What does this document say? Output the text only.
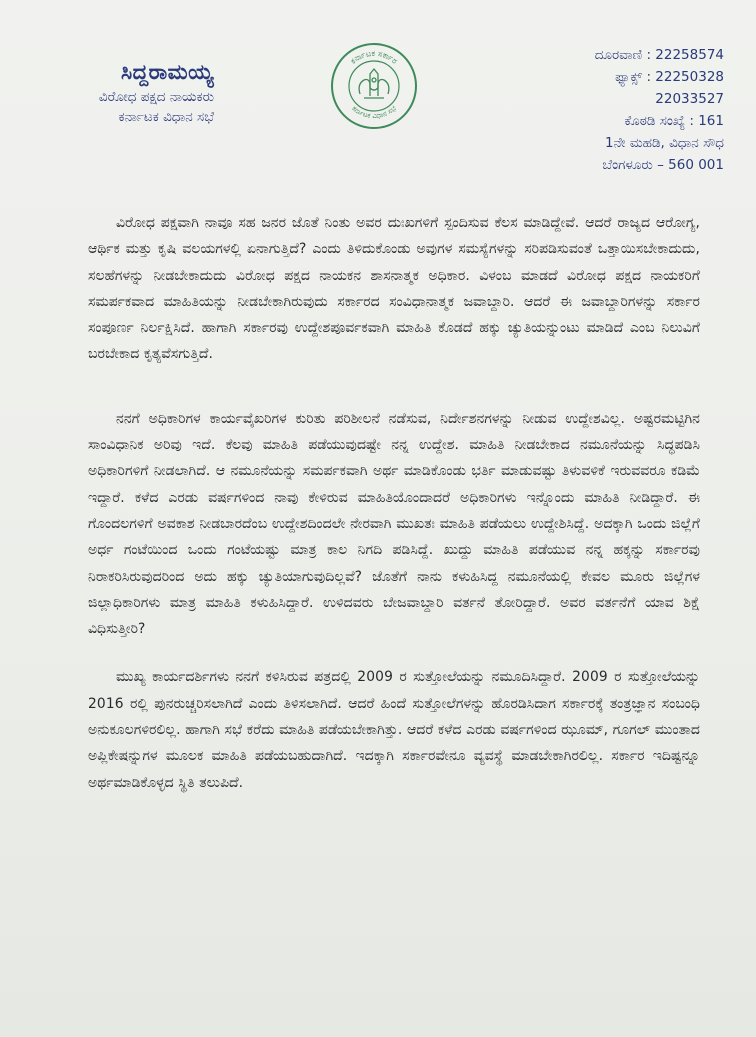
ಸಿದ್ದರಾಮಯ್ಯ
ವಿರೋಧ ಪಕ್ಷದ ನಾಯಕರು
ಕರ್ನಾಟಕ ವಿಧಾನ ಸಭೆ
ಕರ್ನಾಟಕ ಸರ್ಕಾರ
ಕರ್ನಾಟಕ ವಿಧಾನ ಸಭೆ
ದೂರವಾಣಿ : 22258574
ಫ್ಯಾಕ್ಸ್ : 22250328
22033527
ಕೊಠಡಿ ಸಂಖ್ಯೆ : 161
1ನೇ ಮಹಡಿ, ವಿಧಾನ ಸೌಧ
ಬೆಂಗಳೂರು – 560 001

ವಿರೋಧ ಪಕ್ಷವಾಗಿ ನಾವೂ ಸಹ ಜನರ ಜೊತೆ ನಿಂತು ಅವರ ದುಃಖಗಳಿಗೆ ಸ್ಪಂದಿಸುವ ಕೆಲಸ ಮಾಡಿದ್ದೇವೆ. ಆದರೆ ರಾಜ್ಯದ ಆರೋಗ್ಯ, ಆರ್ಥಿಕ ಮತ್ತು ಕೃಷಿ ವಲಯಗಳಲ್ಲಿ ಏನಾಗುತ್ತಿದೆ? ಎಂದು ತಿಳಿದುಕೊಂಡು ಅವುಗಳ ಸಮಸ್ಯೆಗಳನ್ನು ಸರಿಪಡಿಸುವಂತೆ ಒತ್ತಾಯಿಸಬೇಕಾದುದು, ಸಲಹೆಗಳನ್ನು ನೀಡಬೇಕಾದುದು ವಿರೋಧ ಪಕ್ಷದ ನಾಯಕನ ಶಾಸನಾತ್ಮಕ ಅಧಿಕಾರ. ವಿಳಂಬ ಮಾಡದೆ ವಿರೋಧ ಪಕ್ಷದ ನಾಯಕರಿಗೆ ಸಮರ್ಪಕವಾದ ಮಾಹಿತಿಯನ್ನು ನೀಡಬೇಕಾಗಿರುವುದು ಸರ್ಕಾರದ ಸಂವಿಧಾನಾತ್ಮಕ ಜವಾಬ್ದಾರಿ. ಆದರೆ ಈ ಜವಾಬ್ದಾರಿಗಳನ್ನು ಸರ್ಕಾರ ಸಂಪೂರ್ಣ ನಿರ್ಲಕ್ಷಿಸಿದೆ. ಹಾಗಾಗಿ ಸರ್ಕಾರವು ಉದ್ದೇಶಪೂರ್ವಕವಾಗಿ ಮಾಹಿತಿ ಕೊಡದೆ ಹಕ್ಕು ಚ್ಯುತಿಯನ್ನುಂಟು ಮಾಡಿದೆ ಎಂಬ ನಿಲುವಿಗೆ ಬರಬೇಕಾದ ಕೃತ್ಯವೆಸಗುತ್ತಿದೆ.

ನನಗೆ ಅಧಿಕಾರಿಗಳ ಕಾರ್ಯವೈಖರಿಗಳ ಕುರಿತು ಪರಿಶೀಲನೆ ನಡೆಸುವ, ನಿರ್ದೇಶನಗಳನ್ನು ನೀಡುವ ಉದ್ದೇಶವಿಲ್ಲ. ಅಷ್ಟರಮಟ್ಟಿಗಿನ ಸಾಂವಿಧಾನಿಕ ಅರಿವು ಇದೆ. ಕೆಲವು ಮಾಹಿತಿ ಪಡೆಯುವುದಷ್ಟೇ ನನ್ನ ಉದ್ದೇಶ. ಮಾಹಿತಿ ನೀಡಬೇಕಾದ ನಮೂನೆಯನ್ನು ಸಿದ್ಧಪಡಿಸಿ ಅಧಿಕಾರಿಗಳಿಗೆ ನೀಡಲಾಗಿದೆ. ಆ ನಮೂನೆಯನ್ನು ಸಮರ್ಪಕವಾಗಿ ಅರ್ಥ ಮಾಡಿಕೊಂಡು ಭರ್ತಿ ಮಾಡುವಷ್ಟು ತಿಳುವಳಿಕೆ ಇರುವವರೂ ಕಡಿಮೆ ಇದ್ದಾರೆ. ಕಳೆದ ಎರಡು ವರ್ಷಗಳಿಂದ ನಾವು ಕೇಳಿರುವ ಮಾಹಿತಿಯೊಂದಾದರೆ ಅಧಿಕಾರಿಗಳು ಇನ್ನೊಂದು ಮಾಹಿತಿ ನೀಡಿದ್ದಾರೆ. ಈ ಗೊಂದಲಗಳಿಗೆ ಅವಕಾಶ ನೀಡಬಾರದೆಂಬ ಉದ್ದೇಶದಿಂದಲೇ ನೇರವಾಗಿ ಮುಖತಃ ಮಾಹಿತಿ ಪಡೆಯಲು ಉದ್ದೇಶಿಸಿದ್ದೆ. ಅದಕ್ಕಾಗಿ ಒಂದು ಜಿಲ್ಲೆಗೆ ಅರ್ಧ ಗಂಟೆಯಿಂದ ಒಂದು ಗಂಟೆಯಷ್ಟು ಮಾತ್ರ ಕಾಲ ನಿಗದಿ ಪಡಿಸಿದ್ದೆ. ಖುದ್ದು ಮಾಹಿತಿ ಪಡೆಯುವ ನನ್ನ ಹಕ್ಕನ್ನು ಸರ್ಕಾರವು ನಿರಾಕರಿಸಿರುವುದರಿಂದ ಅದು ಹಕ್ಕು ಚ್ಯುತಿಯಾಗುವುದಿಲ್ಲವೆ? ಜೊತೆಗೆ ನಾನು ಕಳುಹಿಸಿದ್ದ ನಮೂನೆಯಲ್ಲಿ ಕೇವಲ ಮೂರು ಜಿಲ್ಲೆಗಳ ಜಿಲ್ಲಾಧಿಕಾರಿಗಳು ಮಾತ್ರ ಮಾಹಿತಿ ಕಳುಹಿಸಿದ್ದಾರೆ. ಉಳಿದವರು ಬೇಜವಾಬ್ದಾರಿ ವರ್ತನೆ ತೋರಿದ್ದಾರೆ. ಅವರ ವರ್ತನೆಗೆ ಯಾವ ಶಿಕ್ಷೆ ವಿಧಿಸುತ್ತೀರಿ?

ಮುಖ್ಯ ಕಾರ್ಯದರ್ಶಿಗಳು ನನಗೆ ಕಳಿಸಿರುವ ಪತ್ರದಲ್ಲಿ 2009 ರ ಸುತ್ತೋಲೆಯನ್ನು ನಮೂದಿಸಿದ್ದಾರೆ. 2009 ರ ಸುತ್ತೋಲೆಯನ್ನು 2016 ರಲ್ಲಿ ಪುನರುಚ್ಚರಿಸಲಾಗಿದೆ ಎಂದು ತಿಳಿಸಲಾಗಿದೆ. ಆದರೆ ಹಿಂದೆ ಸುತ್ತೋಲೆಗಳನ್ನು ಹೊರಡಿಸಿದಾಗ ಸರ್ಕಾರಕ್ಕೆ ತಂತ್ರಜ್ಞಾನ ಸಂಬಂಧಿ ಅನುಕೂಲಗಳಿರಲಿಲ್ಲ. ಹಾಗಾಗಿ ಸಭೆ ಕರೆದು ಮಾಹಿತಿ ಪಡೆಯಬೇಕಾಗಿತ್ತು. ಆದರೆ ಕಳೆದ ಎರಡು ವರ್ಷಗಳಿಂದ ಝೂಮ್, ಗೂಗಲ್ ಮುಂತಾದ ಅಪ್ಲಿಕೇಷನ್ನುಗಳ ಮೂಲಕ ಮಾಹಿತಿ ಪಡೆಯಬಹುದಾಗಿದೆ. ಇದಕ್ಕಾಗಿ ಸರ್ಕಾರವೇನೂ ವ್ಯವಸ್ಥೆ ಮಾಡಬೇಕಾಗಿರಲಿಲ್ಲ. ಸರ್ಕಾರ ಇದಿಷ್ಟನ್ನೂ ಅರ್ಥಮಾಡಿಕೊಳ್ಳದ ಸ್ಥಿತಿ ತಲುಪಿದೆ.
